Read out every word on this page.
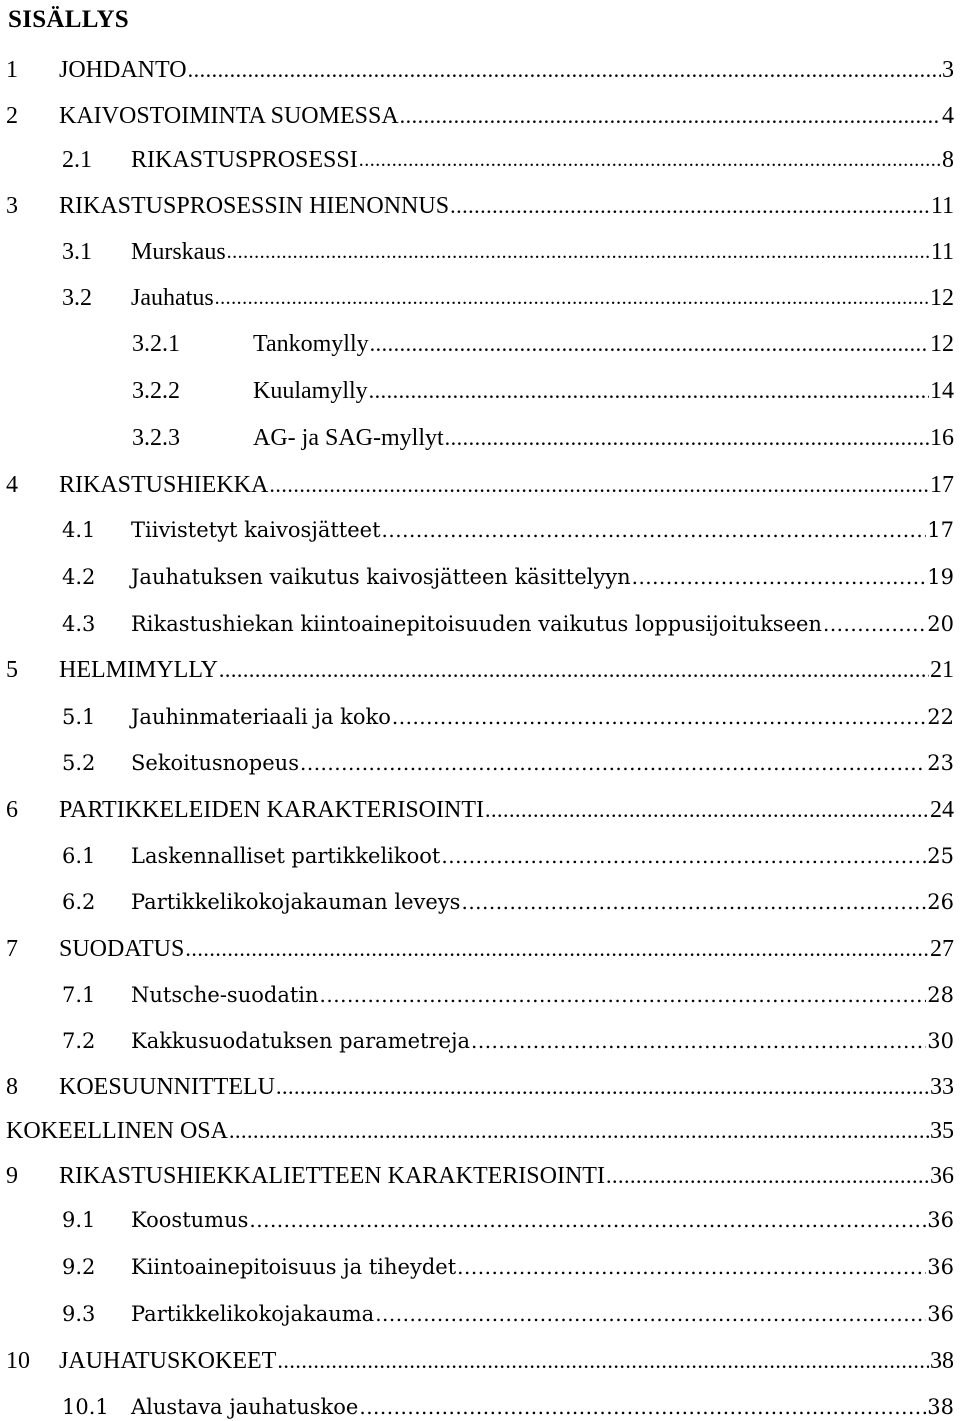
SISÄLLYS
1	JOHDANTO .....	3
2	KAIVOSTOIMINTA SUOMESSA .....	4
2.1	RIKASTUSPROSESSI .....	8
3	RIKASTUSPROSESSIN HIENONNUS .....	11
3.1	Murskaus .....	11
3.2	Jauhatus .....	12
3.2.1	Tankomylly .....	12
3.2.2	Kuulamylly .....	14
3.2.3	AG- ja SAG-myllyt .....	16
4	RIKASTUSHIEKKA .....	17
4.1	Tiivistetyt kaivosjätteet .....	17
4.2	Jauhatuksen vaikutus kaivosjätteen käsittelyyn .....	19
4.3	Rikastushiekan kiintoainepitoisuuden vaikutus loppusijoitukseen .....	20
5	HELMIMYLLY .....	21
5.1	Jauhinmateriaali ja koko .....	22
5.2	Sekoitusnopeus .....	23
6	PARTIKKELEIDEN KARAKTERISOINTI .....	24
6.1	Laskennalliset partikkelikoot .....	25
6.2	Partikkelikokojakauman leveys .....	26
7	SUODATUS .....	27
7.1	Nutsche-suodatin .....	28
7.2	Kakkusuodatuksen parametreja .....	30
8	KOESUUNNITTELU .....	33
KOKEELLINEN OSA .....	35
9	RIKASTUSHIEKKALIETTEEN KARAKTERISOINTI .....	36
9.1	Koostumus .....	36
9.2	Kiintoainepitoisuus ja tiheydet .....	36
9.3	Partikkelikokojakauma .....	36
10	JAUHATUSKOKEET .....	38
10.1	Alustava jauhatuskoe .....	38
